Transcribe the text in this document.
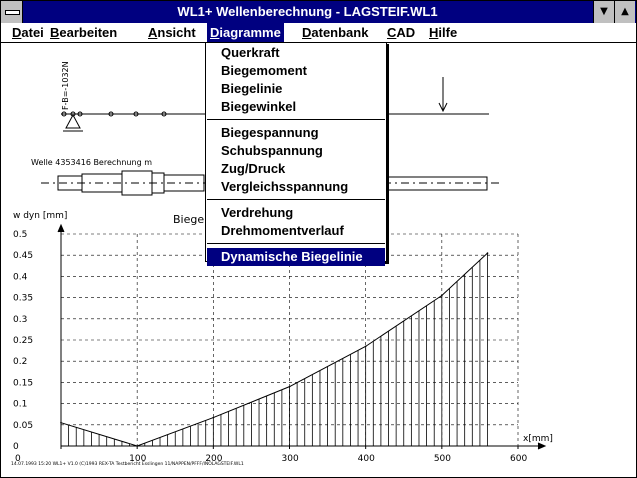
WL1+ Wellenberechnung - LAGSTEIF.WL1	▼	▲
Datei Bearbeiten Ansicht Diagramme Datenbank CAD Hilfe
F-B=-1032N
Welle 4353416 Berechnung m
w dyn [mm]	Biege
x[mm]
0
0.05
0.1
0.15
0.2
0.25
0.3
0.35
0.4
0.45
0.5
0	100	200	300	400	500	600
14.07.1993 15:20 WL1+ V1.0 (C)1993 REX-TA Testbericht Esslingen 11/NAPPEN/PFFF/INOLAGSTEIF.WL1
Querkraft
Biegemoment
Biegelinie
Biegewinkel
Biegespannung
Schubspannung
Zug/Druck
Vergleichsspannung
Verdrehung
Drehmomentverlauf
Dynamische Biegelinie
